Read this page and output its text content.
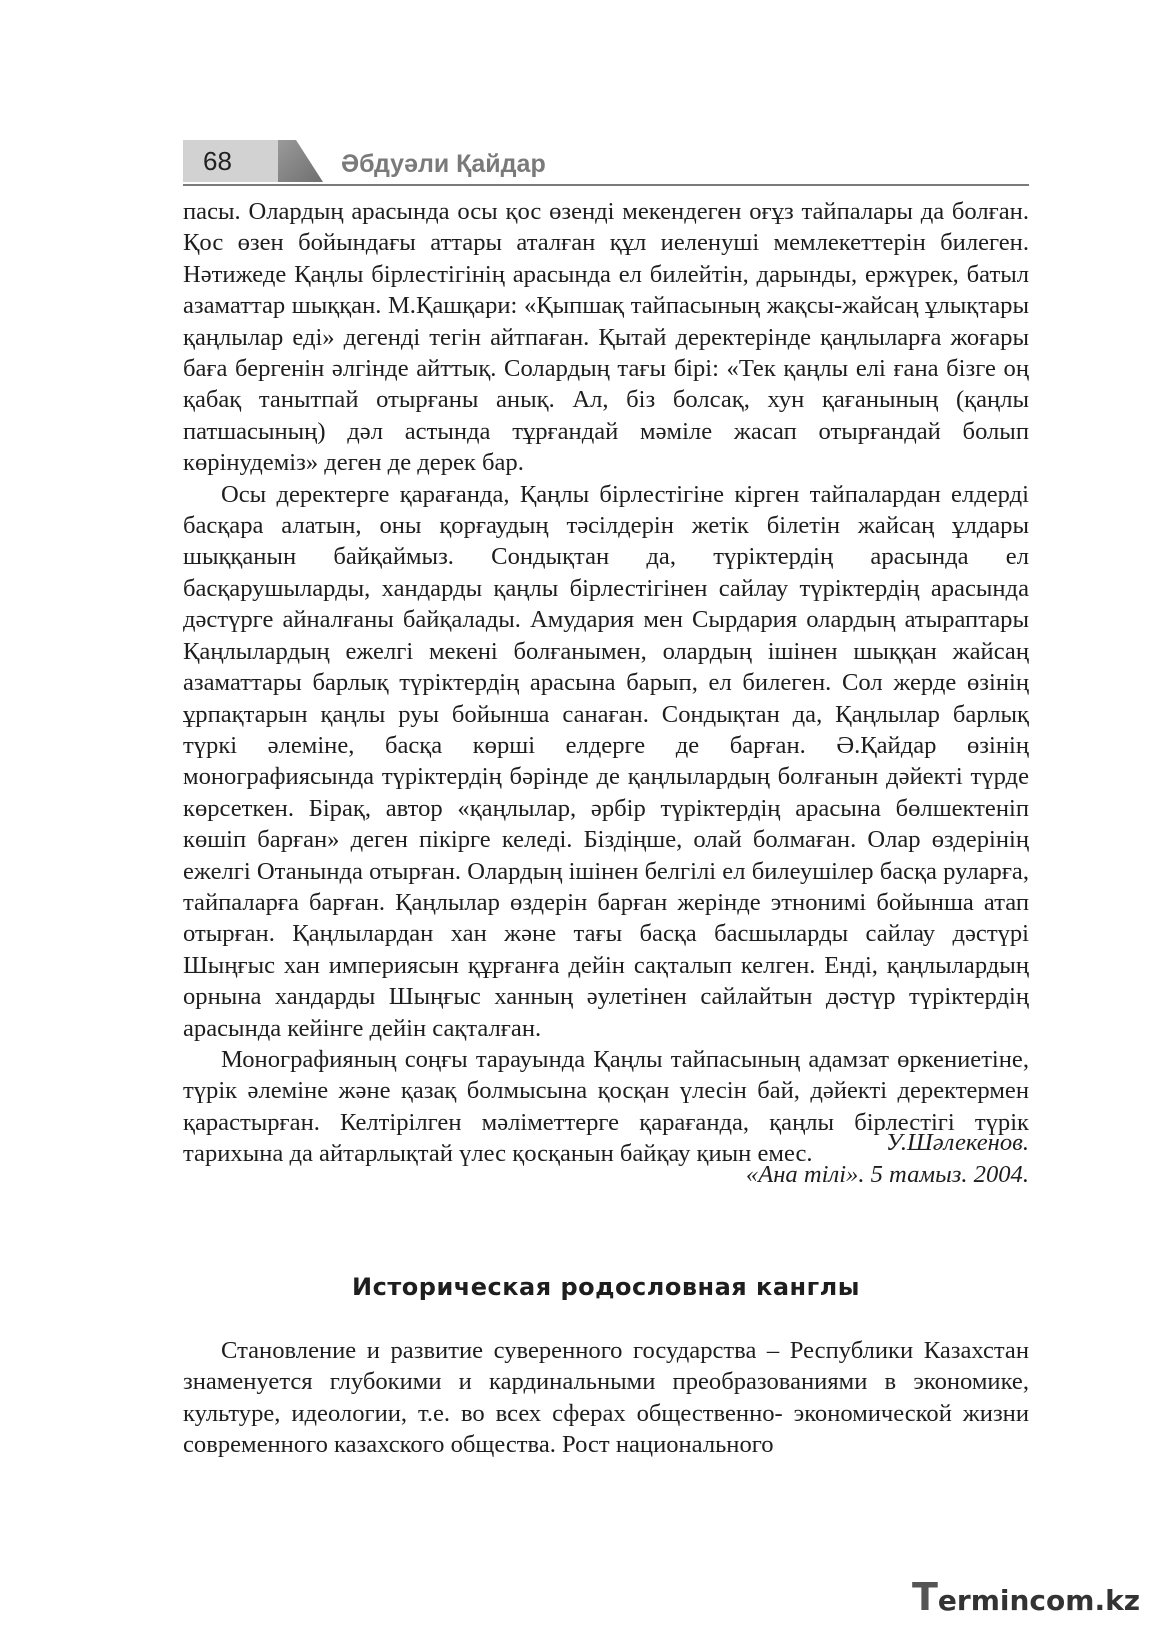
68	Әбдуәли Қайдар

пасы. Олардың арасында осы қос өзенді мекендеген оғұз тайпалары да болған. Қос өзен бойындағы аттары аталған құл иеленуші мемлекеттерін билеген. Нәтижеде Қаңлы бірлестігінің арасында ел билейтін, дарынды, ержүрек, батыл азаматтар шыққан. М.Қашқари: «Қыпшақ тайпасының жақсы-жайсаң ұлықтары қаңлылар еді» дегенді тегін айтпаған. Қытай деректерінде қаңлыларға жоғары баға бергенін әлгінде айттық. Солардың тағы бірі: «Тек қаңлы елі ғана бізге оң қабақ танытпай отырғаны анық. Ал, біз болсақ, хун қағанының (қаңлы патшасының) дәл астында тұрғандай мәміле жасап отырғандай болып көрінудеміз» деген де дерек бар.

Осы деректерге қарағанда, Қаңлы бірлестігіне кірген тайпалардан елдерді басқара алатын, оны қорғаудың тәсілдерін жетік білетін жайсаң ұлдары шыққанын байқаймыз. Сондықтан да, түріктердің арасында ел басқарушыларды, хандарды қаңлы бірлестігінен сайлау түріктердің арасында дәстүрге айналғаны байқалады. Амудария мен Сырдария олардың атыраптары Қаңлылардың ежелгі мекені болғанымен, олардың ішінен шыққан жайсаң азаматтары барлық түріктердің арасына барып, ел билеген. Сол жерде өзінің ұрпақтарын қаңлы руы бойынша санаған. Сондықтан да, Қаңлылар барлық түркі әлеміне, басқа көрші елдерге де барған. Ә.Қайдар өзінің монографиясында түріктердің бәрінде де қаңлылардың болғанын дәйекті түрде көрсеткен. Бірақ, автор «қаңлылар, әрбір түріктердің арасына бөлшектеніп көшіп барған» деген пікірге келеді. Біздіңше, олай болмаған. Олар өздерінің ежелгі Отанында отырған. Олардың ішінен белгілі ел билеушілер басқа руларға, тайпаларға барған. Қаңлылар өздерін барған жерінде этнонимі бойынша атап отырған. Қаңлылардан хан және тағы басқа басшыларды сайлау дәстүрі Шыңғыс хан империясын құрғанға дейін сақталып келген. Енді, қаңлылардың орнына хандарды Шыңғыс ханның әулетінен сайлайтын дәстүр түріктердің арасында кейінге дейін сақталған.

Монографияның соңғы тарауында Қаңлы тайпасының адамзат өркениетіне, түрік әлеміне және қазақ болмысына қосқан үлесін бай, дәйекті деректермен қарастырған. Келтірілген мәліметтерге қарағанда, қаңлы бірлестігі түрік тарихына да айтарлықтай үлес қосқанын байқау қиын емес.	У.Шәлекенов.
«Ана тілі». 5 тамыз. 2004.
Историческая родословная канглы

Становление и развитие суверенного государства – Республики Казахстан знаменуется глубокими и кардинальными преобразованиями в экономике, культуре, идеологии, т.е. во всех сферах общественно- экономической жизни современного казахского общества. Рост национального

Termincom.kz
